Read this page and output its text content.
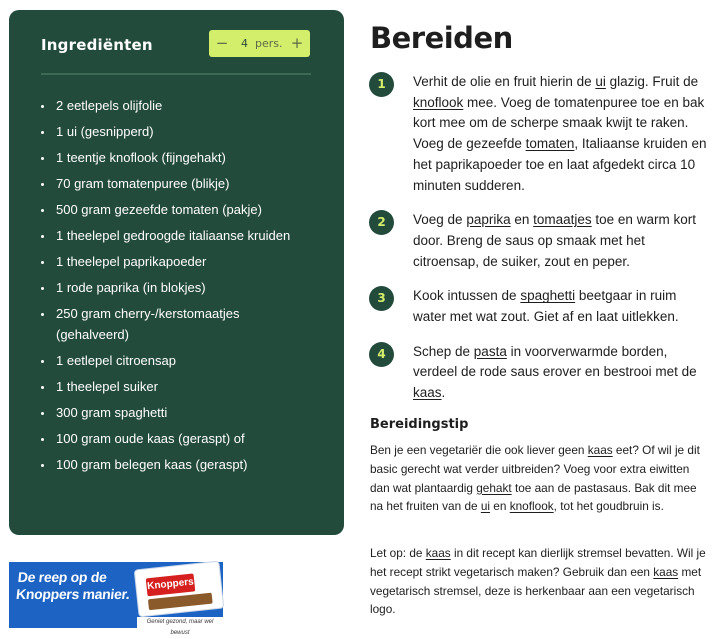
Ingrediënten	−	4 pers. +
2 eetlepels olijfolie
1 ui (gesnipperd)
1 teentje knoflook (fijngehakt)
70 gram tomatenpuree (blikje)
500 gram gezeefde tomaten (pakje)
1 theelepel gedroogde italiaanse kruiden
1 theelepel paprikapoeder
1 rode paprika (in blokjes)
250 gram cherry-/kerstomaatjes (gehalveerd)
1 eetlepel citroensap
1 theelepel suiker
300 gram spaghetti
100 gram oude kaas (geraspt) of
100 gram belegen kaas (geraspt)
De reep op de
Knoppers manier.
Knoppers
Geniet gezond, maar wel bewust
Bereiden
1	Verhit de olie en fruit hierin de ui glazig. Fruit de knoflook mee. Voeg de tomatenpuree toe en bak kort mee om de scherpe smaak kwijt te raken. Voeg de gezeefde tomaten, Italiaanse kruiden en het paprikapoeder toe en laat afgedekt circa 10 minuten sudderen.
2	Voeg de paprika en tomaatjes toe en warm kort door. Breng de saus op smaak met het citroensap, de suiker, zout en peper.
3	Kook intussen de spaghetti beetgaar in ruim water met wat zout. Giet af en laat uitlekken.
4	Schep de pasta in voorverwarmde borden, verdeel de rode saus erover en bestrooi met de kaas.
Bereidingstip

Ben je een vegetariër die ook liever geen kaas eet? Of wil je dit basic gerecht wat verder uitbreiden? Voeg voor extra eiwitten dan wat plantaardig gehakt toe aan de pastasaus. Bak dit mee na het fruiten van de ui en knoflook, tot het goudbruin is.

Let op: de kaas in dit recept kan dierlijk stremsel bevatten. Wil je het recept strikt vegetarisch maken? Gebruik dan een kaas met vegetarisch stremsel, deze is herkenbaar aan een vegetarisch logo.
